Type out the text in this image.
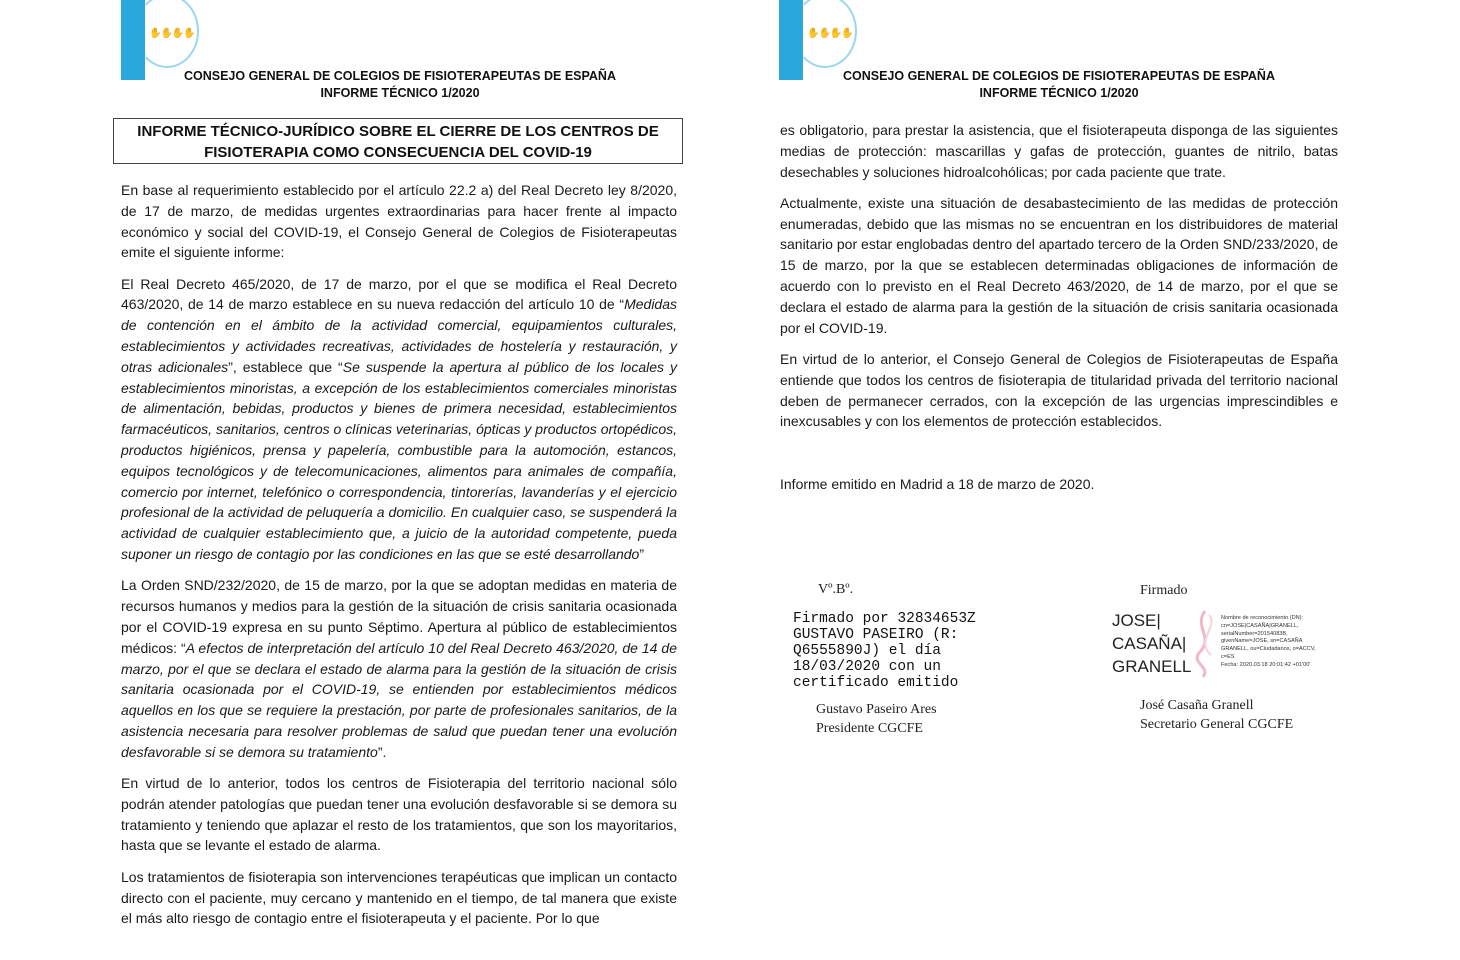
✋✋✋✋
CONSEJO GENERAL DE COLEGIOS DE FISIOTERAPEUTAS DE ESPAÑA
INFORME TÉCNICO 1/2020
INFORME TÉCNICO-JURÍDICO SOBRE EL CIERRE DE LOS CENTROS DE
FISIOTERAPIA COMO CONSECUENCIA DEL COVID-19

En base al requerimiento establecido por el artículo 22.2 a) del Real Decreto ley 8/2020, de 17 de marzo, de medidas urgentes extraordinarias para hacer frente al impacto económico y social del COVID-19, el Consejo General de Colegios de Fisioterapeutas emite el siguiente informe:

El Real Decreto 465/2020, de 17 de marzo, por el que se modifica el Real Decreto 463/2020, de 14 de marzo establece en su nueva redacción del artículo 10 de “Medidas de contención en el ámbito de la actividad comercial, equipamientos culturales, establecimientos y actividades recreativas, actividades de hostelería y restauración, y otras adicionales”, establece que “Se suspende la apertura al público de los locales y establecimientos minoristas, a excepción de los establecimientos comerciales minoristas de alimentación, bebidas, productos y bienes de primera necesidad, establecimientos farmacéuticos, sanitarios, centros o clínicas veterinarias, ópticas y productos ortopédicos, productos higiénicos, prensa y papelería, combustible para la automoción, estancos, equipos tecnológicos y de telecomunicaciones, alimentos para animales de compañía, comercio por internet, telefónico o correspondencia, tintorerías, lavanderías y el ejercicio profesional de la actividad de peluquería a domicilio. En cualquier caso, se suspenderá la actividad de cualquier establecimiento que, a juicio de la autoridad competente, pueda suponer un riesgo de contagio por las condiciones en las que se esté desarrollando”

La Orden SND/232/2020, de 15 de marzo, por la que se adoptan medidas en materia de recursos humanos y medios para la gestión de la situación de crisis sanitaria ocasionada por el COVID-19 expresa en su punto Séptimo. Apertura al público de establecimientos médicos: “A efectos de interpretación del artículo 10 del Real Decreto 463/2020, de 14 de marzo, por el que se declara el estado de alarma para la gestión de la situación de crisis sanitaria ocasionada por el COVID-19, se entienden por establecimientos médicos aquellos en los que se requiere la prestación, por parte de profesionales sanitarios, de la asistencia necesaria para resolver problemas de salud que puedan tener una evolución desfavorable si se demora su tratamiento”.

En virtud de lo anterior, todos los centros de Fisioterapia del territorio nacional sólo podrán atender patologías que puedan tener una evolución desfavorable si se demora su tratamiento y teniendo que aplazar el resto de los tratamientos, que son los mayoritarios, hasta que se levante el estado de alarma.

Los tratamientos de fisioterapia son intervenciones terapéuticas que implican un contacto directo con el paciente, muy cercano y mantenido en el tiempo, de tal manera que existe el más alto riesgo de contagio entre el fisioterapeuta y el paciente. Por lo que

✋✋✋✋
CONSEJO GENERAL DE COLEGIOS DE FISIOTERAPEUTAS DE ESPAÑA
INFORME TÉCNICO 1/2020

es obligatorio, para prestar la asistencia, que el fisioterapeuta disponga de las siguientes medias de protección: mascarillas y gafas de protección, guantes de nitrilo, batas desechables y soluciones hidroalcohólicas; por cada paciente que trate.

Actualmente, existe una situación de desabastecimiento de las medidas de protección enumeradas, debido que las mismas no se encuentran en los distribuidores de material sanitario por estar englobadas dentro del apartado tercero de la Orden SND/233/2020, de 15 de marzo, por la que se establecen determinadas obligaciones de información de acuerdo con lo previsto en el Real Decreto 463/2020, de 14 de marzo, por el que se declara el estado de alarma para la gestión de la situación de crisis sanitaria ocasionada por el COVID-19.

En virtud de lo anterior, el Consejo General de Colegios de Fisioterapeutas de España entiende que todos los centros de fisioterapia de titularidad privada del territorio nacional deben de permanecer cerrados, con la excepción de las urgencias imprescindibles e inexcusables y con los elementos de protección establecidos.

Informe emitido en Madrid a 18 de marzo de 2020.
Vº.Bº.
Firmado por 32834653Z
GUSTAVO PASEIRO (R:
Q6555890J) el día
18/03/2020 con un
certificado emitido
Gustavo Paseiro Ares
Presidente CGCFE
Firmado
JOSE|
CASAÑA|
GRANELL
Nombre de reconocimiento (DN):
cn=JOSE|CASAÑA|GRANELL,
serialNumber=20154083B,
givenName=JOSE, sn=CASAÑA
GRANELL, ou=Ciudadanos, o=ACCV,
c=ES
Fecha: 2020.03.18 20:01:42 +01'00'
José Casaña Granell
Secretario General CGCFE
